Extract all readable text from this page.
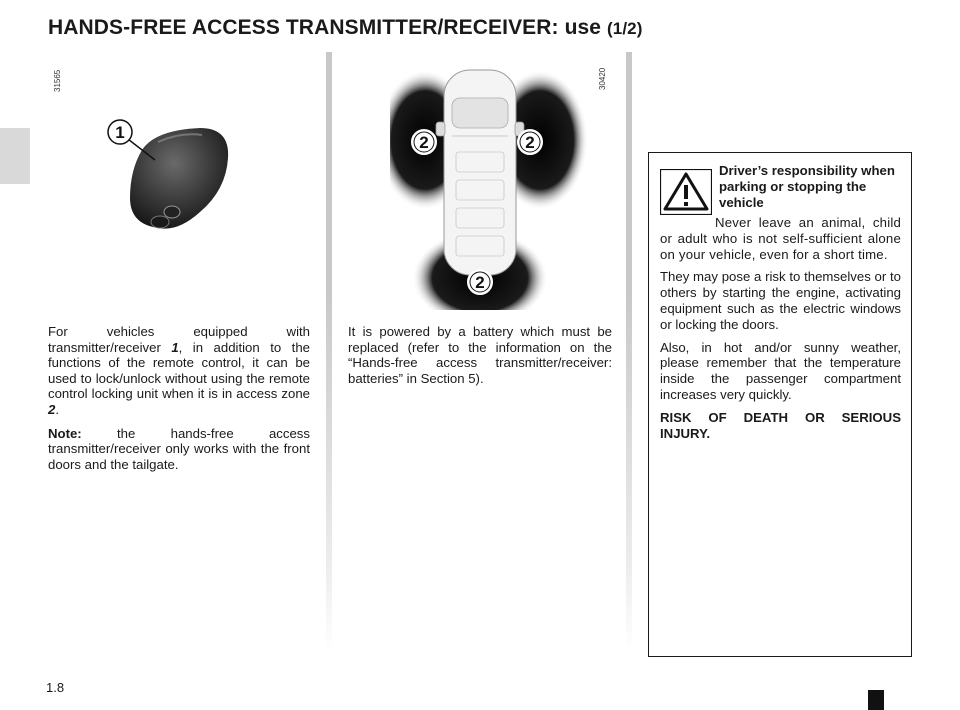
HANDS-FREE ACCESS TRANSMITTER/RECEIVER: use (1/2)
31565
1
30420
2	2
2

For vehicles equipped with transmitter/receiver 1, in addition to the functions of the remote control, it can be used to lock/unlock without using the remote control locking unit when it is in access zone 2.

Note: the hands-free access transmitter/receiver only works with the front doors and the tailgate.

It is powered by a battery which must be replaced (refer to the information on the “Hands-free access transmitter/receiver: batteries” in Section 5).

Driver’s responsibility when parking or stopping the vehicle

Never leave an animal, child or adult who is not self-sufficient alone on your vehicle, even for a short time.

They may pose a risk to themselves or to others by starting the engine, activating equipment such as the electric windows or locking the doors.

Also, in hot and/or sunny weather, please remember that the temperature inside the passenger compartment increases very quickly.

RISK OF DEATH OR SERIOUS INJURY.

1.8
